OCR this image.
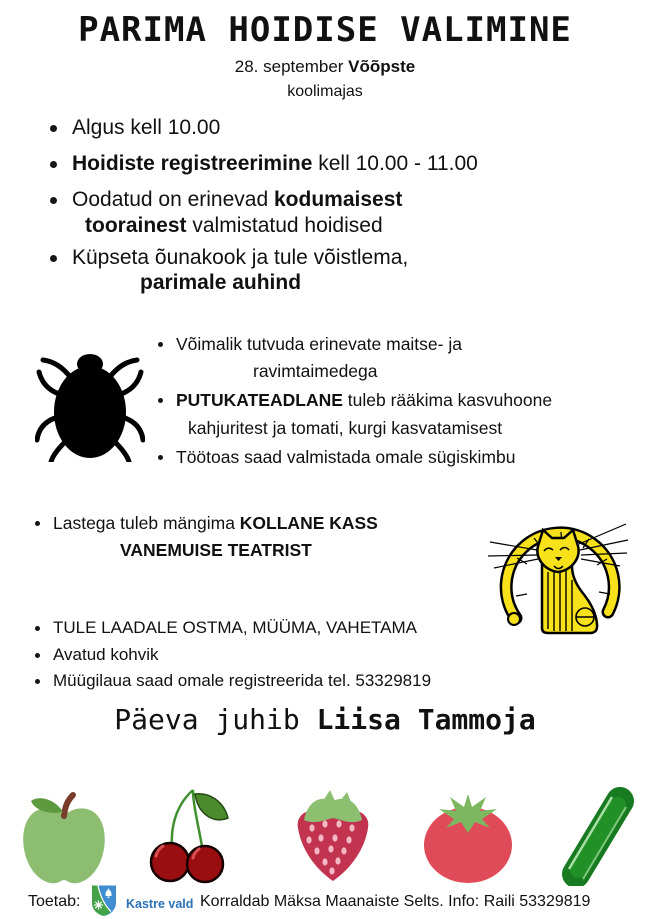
PARIMA HOIDISE VALIMINE
28. september Võõpste
koolimajas
Algus kell 10.00
Hoidiste registreerimine kell 10.00 - 11.00
Oodatud on erinevad kodumaisest
toorainest valmistatud hoidised
Küpseta õunakook ja tule võistlema,
parimale auhind
Võimalik tutvuda erinevate maitse- ja
ravimtaimedega
PUTUKATEADLANE tuleb rääkima kasvuhoone
kahjuritest ja tomati, kurgi kasvatamisest
Töötoas saad valmistada omale sügiskimbu
Lastega tuleb mängima KOLLANE KASS
VANEMUISE TEATRIST
TULE LAADALE OSTMA, MÜÜMA, VAHETAMA
Avatud kohvik
Müügilaua saad omale registreerida tel. 53329819
Päeva juhib Liisa Tammoja
Toetab:	Kastre vald Korraldab Mäksa Maanaiste Selts. Info: Raili 53329819
